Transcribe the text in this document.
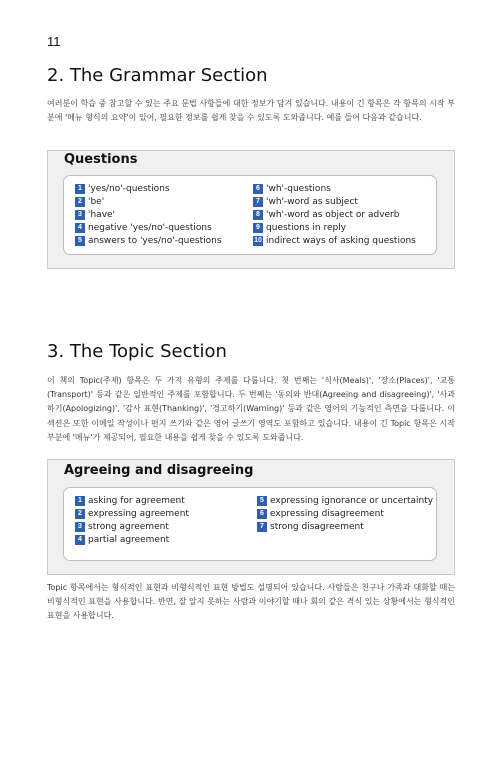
11
2. The Grammar Section

여러분이 학습 중 참고할 수 있는 주요 문법 사항들에 대한 정보가 담겨 있습니다. 내용이 긴 항목은 각 항목의 시작 부분에 '메뉴 형식의 요약'이 있어, 필요한 정보를 쉽게 찾을 수 있도록 도와줍니다. 예를 들어 다음과 같습니다.

Questions
1 'yes/no'-questions
2 'be'
3 'have'
4 negative 'yes/no'-questions
5 answers to 'yes/no'-questions
6 'wh'-questions
7 'wh'-word as subject
8 'wh'-word as object or adverb
9 questions in reply
10 indirect ways of asking questions
3. The Topic Section

이 책의 Topic(주제) 항목은 두 가지 유형의 주제를 다룹니다. 첫 번째는 '식사(Meals)', '장소(Places)', '교통(Transport)' 등과 같은 일반적인 주제를 포함합니다. 두 번째는 '동의와 반대(Agreeing and disagreeing)', '사과하기(Apologizing)', '감사 표현(Thanking)', '경고하기(Warning)' 등과 같은 영어의 기능적인 측면을 다룹니다. 이 섹션은 또한 이메일 작성이나 편지 쓰기와 같은 영어 글쓰기 영역도 포함하고 있습니다. 내용이 긴 Topic 항목은 시작 부분에 '메뉴'가 제공되어, 필요한 내용을 쉽게 찾을 수 있도록 도와줍니다.

Agreeing and disagreeing
1 asking for agreement
2 expressing agreement
3 strong agreement
4 partial agreement
5 expressing ignorance or uncertainty
6 expressing disagreement
7 strong disagreement

Topic 항목에서는 형식적인 표현과 비형식적인 표현 방법도 설명되어 있습니다. 사람들은 친구나 가족과 대화할 때는 비형식적인 표현을 사용합니다. 반면, 잘 알지 못하는 사람과 이야기할 때나 회의 같은 격식 있는 상황에서는 형식적인 표현을 사용합니다.
